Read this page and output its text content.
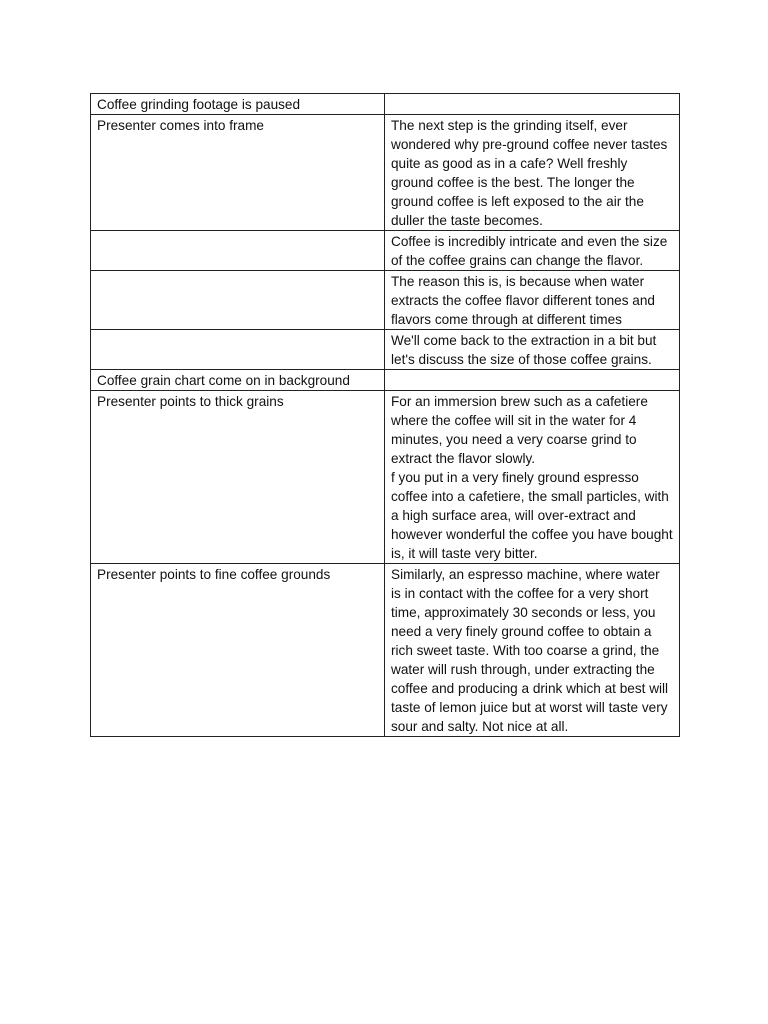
Coffee grinding footage is paused	
Presenter comes into frame	The next step is the grinding itself, ever wondered why pre-ground coffee never tastes quite as good as in a cafe? Well freshly ground coffee is the best. The longer the ground coffee is left exposed to the air the duller the taste becomes.
	Coffee is incredibly intricate and even the size of the coffee grains can change the flavor.
	The reason this is, is because when water extracts the coffee flavor different tones and flavors come through at different times
	We'll come back to the extraction in a bit but let's discuss the size of those coffee grains.
Coffee grain chart come on in background	
Presenter points to thick grains	For an immersion brew such as a cafetiere where the coffee will sit in the water for 4 minutes, you need a very coarse grind to extract the flavor slowly.
f you put in a very finely ground espresso coffee into a cafetiere, the small particles, with a high surface area, will over-extract and however wonderful the coffee you have bought is, it will taste very bitter.
Presenter points to fine coffee grounds	Similarly, an espresso machine, where water is in contact with the coffee for a very short time, approximately 30 seconds or less, you need a very finely ground coffee to obtain a rich sweet taste. With too coarse a grind, the water will rush through, under extracting the coffee and producing a drink which at best will taste of lemon juice but at worst will taste very sour and salty. Not nice at all.
